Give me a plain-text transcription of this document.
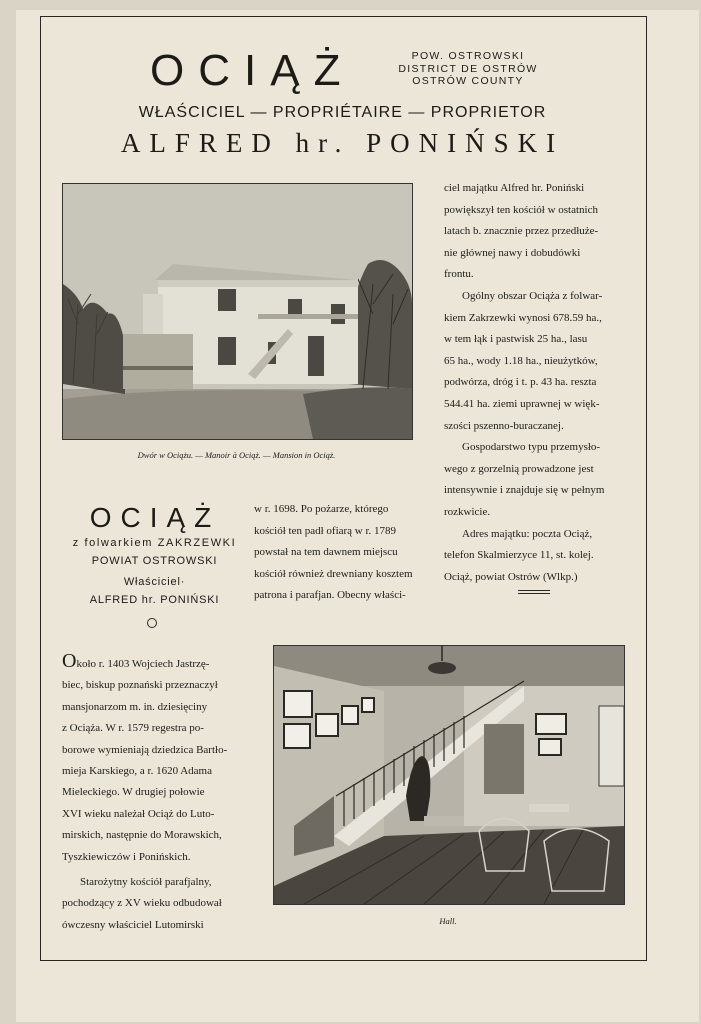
OCIĄŻ	POW. OSTROWSKI
DISTRICT DE OSTRÓW
OSTRÓW COUNTY
WŁAŚCICIEL — PROPRIÉTAIRE — PROPRIETOR
ALFRED hr. PONIŃSKI
Dwór w Ociążu. — Manoir à Ociąż. — Mansion in Ociąż.

ciel majątku Alfred hr. Poniński

powiększył ten kościół w ostatnich

latach b. znacznie przez przedłuże-

nie głównej nawy i dobudówki

frontu.

Ogólny obszar Ociąża z folwar-

kiem Zakrzewki wynosi 678.59 ha.,

w tem łąk i pastwisk 25 ha., lasu

65 ha., wody 1.18 ha., nieużytków,

podwórza, dróg i t. p. 43 ha. reszta

544.41 ha. ziemi uprawnej w więk-

szości pszenno-buraczanej.

Gospodarstwo typu przemysło-

wego z gorzelnią prowadzone jest

intensywnie i znajduje się w pełnym

rozkwicie.

Adres majątku: poczta Ociąż,

telefon Skalmierzyce 11, st. kolej.

Ociąż, powiat Ostrów (Wlkp.)

OCIĄŻ
z folwarkiem ZAKRZEWKI
POWIAT OSTROWSKI
Właściciel·
ALFRED hr. PONIŃSKI

w r. 1698. Po pożarze, którego

kościół ten padł ofiarą w r. 1789

powstał na tem dawnem miejscu

kościół również drewniany kosztem

patrona i parafjan. Obecny właści-

Około r. 1403 Wojciech Jastrzę-

biec, biskup poznański przeznaczył

mansjonarzom m. in. dziesięciny

z Ociąża. W r. 1579 regestra po-

borowe wymieniają dziedzica Bartło-

mieja Karskiego, a r. 1620 Adama

Mieleckiego. W drugiej połowie

XVI wieku należał Ociąż do Luto-

mirskich, następnie do Morawskich,

Tyszkiewiczów i Ponińskich.

Starożytny kościół parafjalny,

pochodzący z XV wieku odbudował

ówczesny właściciel Lutomirski	Hall.
